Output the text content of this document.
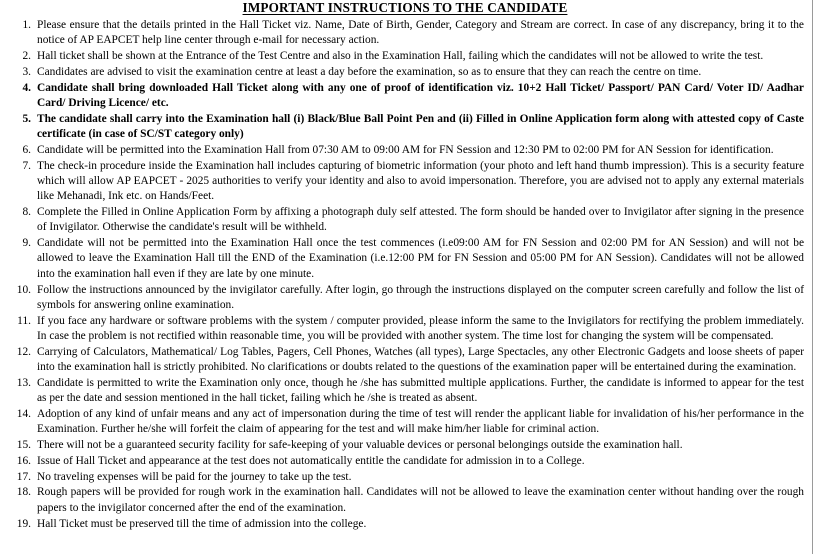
IMPORTANT INSTRUCTIONS TO THE CANDIDATE
1. Please ensure that the details printed in the Hall Ticket viz. Name, Date of Birth, Gender, Category and Stream are correct. In case of any discrepancy, bring it to the notice of AP EAPCET help line center through e-mail for necessary action.
2. Hall ticket shall be shown at the Entrance of the Test Centre and also in the Examination Hall, failing which the candidates will not be allowed to write the test.
3. Candidates are advised to visit the examination centre at least a day before the examination, so as to ensure that they can reach the centre on time.
4. Candidate shall bring downloaded Hall Ticket along with any one of proof of identification viz. 10+2 Hall Ticket/ Passport/ PAN Card/ Voter ID/ Aadhar Card/ Driving Licence/ etc.
5. The candidate shall carry into the Examination hall (i) Black/Blue Ball Point Pen and (ii) Filled in Online Application form along with attested copy of Caste certificate (in case of SC/ST category only)
6. Candidate will be permitted into the Examination Hall from 07:30 AM to 09:00 AM for FN Session and 12:30 PM to 02:00 PM for AN Session for identification.
7. The check-in procedure inside the Examination hall includes capturing of biometric information (your photo and left hand thumb impression). This is a security feature which will allow AP EAPCET - 2025 authorities to verify your identity and also to avoid impersonation. Therefore, you are advised not to apply any external materials like Mehanadi, Ink etc. on Hands/Feet.
8. Complete the Filled in Online Application Form by affixing a photograph duly self attested. The form should be handed over to Invigilator after signing in the presence of Invigilator. Otherwise the candidate's result will be withheld.
9. Candidate will not be permitted into the Examination Hall once the test commences (i.e09:00 AM for FN Session and 02:00 PM for AN Session) and will not be allowed to leave the Examination Hall till the END of the Examination (i.e.12:00 PM for FN Session and 05:00 PM for AN Session). Candidates will not be allowed into the examination hall even if they are late by one minute.
10. Follow the instructions announced by the invigilator carefully. After login, go through the instructions displayed on the computer screen carefully and follow the list of symbols for answering online examination.
11. If you face any hardware or software problems with the system / computer provided, please inform the same to the Invigilators for rectifying the problem immediately. In case the problem is not rectified within reasonable time, you will be provided with another system. The time lost for changing the system will be compensated.
12. Carrying of Calculators, Mathematical/ Log Tables, Pagers, Cell Phones, Watches (all types), Large Spectacles, any other Electronic Gadgets and loose sheets of paper into the examination hall is strictly prohibited. No clarifications or doubts related to the questions of the examination paper will be entertained during the examination.
13. Candidate is permitted to write the Examination only once, though he /she has submitted multiple applications. Further, the candidate is informed to appear for the test as per the date and session mentioned in the hall ticket, failing which he /she is treated as absent.
14. Adoption of any kind of unfair means and any act of impersonation during the time of test will render the applicant liable for invalidation of his/her performance in the Examination. Further he/she will forfeit the claim of appearing for the test and will make him/her liable for criminal action.
15. There will not be a guaranteed security facility for safe-keeping of your valuable devices or personal belongings outside the examination hall.
16. Issue of Hall Ticket and appearance at the test does not automatically entitle the candidate for admission in to a College.
17. No traveling expenses will be paid for the journey to take up the test.
18. Rough papers will be provided for rough work in the examination hall. Candidates will not be allowed to leave the examination center without handing over the rough papers to the invigilator concerned after the end of the examination.
19. Hall Ticket must be preserved till the time of admission into the college.
